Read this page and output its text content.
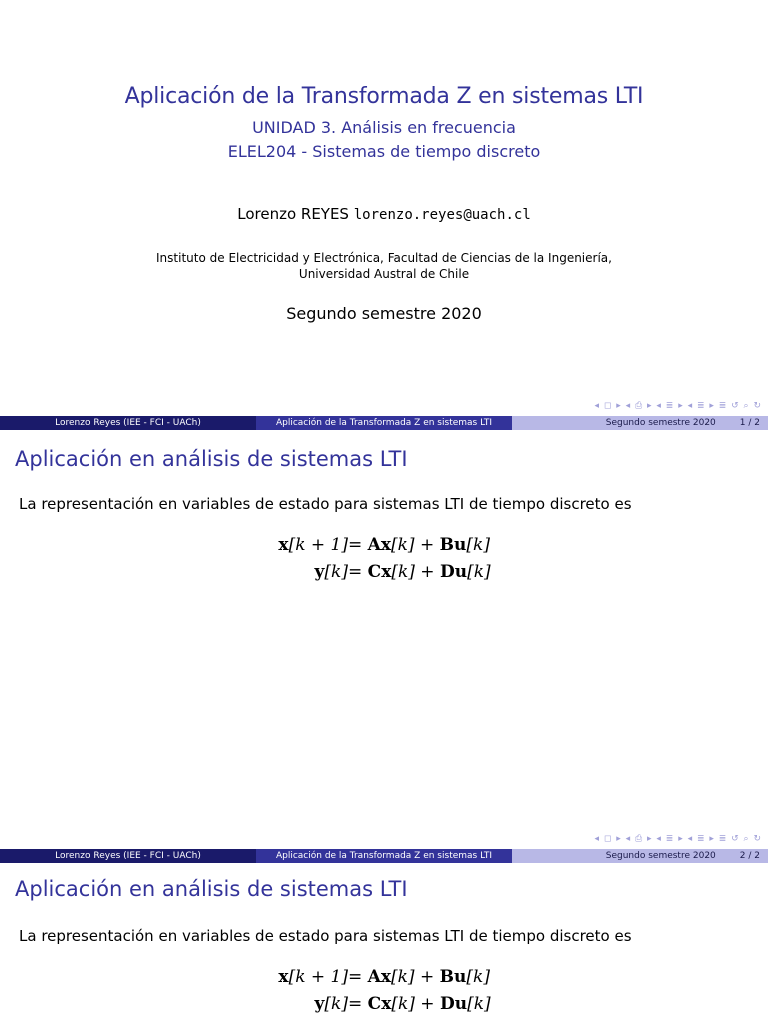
Aplicación de la Transformada Z en sistemas LTI
UNIDAD 3. Análisis en frecuencia
ELEL204 - Sistemas de tiempo discreto
Lorenzo REYES lorenzo.reyes@uach.cl
Instituto de Electricidad y Electrónica, Facultad de Ciencias de la Ingeniería,
Universidad Austral de Chile
Segundo semestre 2020
◂ ◻ ▸ ◂ ⎙ ▸ ◂ ≣ ▸ ◂ ≣ ▸ ≣ ↺ ⌕ ↻
Lorenzo Reyes (IEE - FCI - UACh)	Aplicación de la Transformada Z en sistemas LTI	Segundo semestre 2020	1 / 2
Aplicación en análisis de sistemas LTI
La representación en variables de estado para sistemas LTI de tiempo discreto es
x[k + 1] = Ax[k] + Bu[k]
y[k] = Cx[k] + Du[k]
◂ ◻ ▸ ◂ ⎙ ▸ ◂ ≣ ▸ ◂ ≣ ▸ ≣ ↺ ⌕ ↻
Lorenzo Reyes (IEE - FCI - UACh)	Aplicación de la Transformada Z en sistemas LTI	Segundo semestre 2020	2 / 2
Aplicación en análisis de sistemas LTI
La representación en variables de estado para sistemas LTI de tiempo discreto es
x[k + 1] = Ax[k] + Bu[k]
y[k] = Cx[k] + Du[k]
